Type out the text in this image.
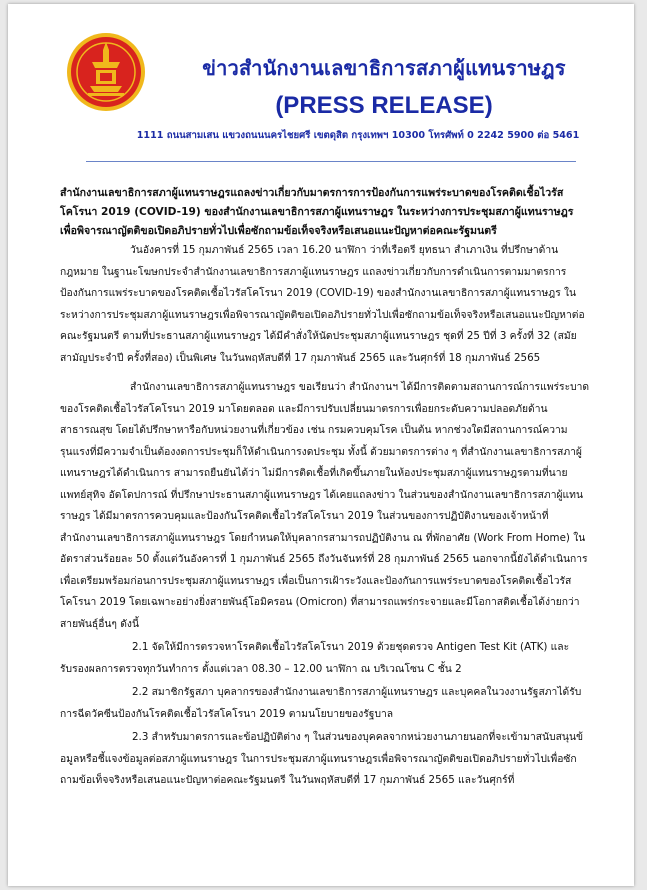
ข่าวสำนักงานเลขาธิการสภาผู้แทนราษฎร
(PRESS RELEASE)
1111 ถนนสามเสน แขวงถนนนครไชยศรี เขตดุสิต กรุงเทพฯ 10300 โทรศัพท์ 0 2242 5900 ต่อ 5461
สำนักงานเลขาธิการสภาผู้แทนราษฎรแถลงข่าวเกี่ยวกับมาตรการการป้องกันการแพร่ระบาดของโรคติดเชื้อไวรัส
โคโรนา 2019 (COVID-19) ของสำนักงานเลขาธิการสภาผู้แทนราษฎร ในระหว่างการประชุมสภาผู้แทนราษฎร
เพื่อพิจารณาญัตติขอเปิดอภิปรายทั่วไปเพื่อซักถามข้อเท็จจริงหรือเสนอแนะปัญหาต่อคณะรัฐมนตรี

วันอังคารที่ 15 กุมภาพันธ์ 2565 เวลา 16.20 นาฬิกา ว่าที่เรือตรี ยุทธนา สำเภาเงิน ที่ปรึกษาด้านกฎหมาย ในฐานะโฆษกประจำสำนักงานเลขาธิการสภาผู้แทนราษฎร แถลงข่าวเกี่ยวกับการดำเนินการตามมาตรการป้องกันการแพร่ระบาดของโรคติดเชื้อไวรัสโคโรนา 2019 (COVID-19) ของสำนักงานเลขาธิการสภาผู้แทนราษฎร ในระหว่างการประชุมสภาผู้แทนราษฎรเพื่อพิจารณาญัตติขอเปิดอภิปรายทั่วไปเพื่อซักถามข้อเท็จจริงหรือเสนอแนะปัญหาต่อคณะรัฐมนตรี ตามที่ประธานสภาผู้แทนราษฎร ได้มีคำสั่งให้นัดประชุมสภาผู้แทนราษฎร ชุดที่ 25 ปีที่ 3 ครั้งที่ 32 (สมัยสามัญประจำปี ครั้งที่สอง) เป็นพิเศษ ในวันพฤหัสบดีที่ 17 กุมภาพันธ์ 2565 และวันศุกร์ที่ 18 กุมภาพันธ์ 2565

สำนักงานเลขาธิการสภาผู้แทนราษฎร ขอเรียนว่า สำนักงานฯ ได้มีการติดตามสถานการณ์การแพร่ระบาดของโรคติดเชื้อไวรัสโคโรนา 2019 มาโดยตลอด และมีการปรับเปลี่ยนมาตรการเพื่อยกระดับความปลอดภัยด้านสาธารณสุข โดยได้ปรึกษาหารือกับหน่วยงานที่เกี่ยวข้อง เช่น กรมควบคุมโรค เป็นต้น หากช่วงใดมีสถานการณ์ความรุนแรงที่มีความจำเป็นต้องงดการประชุมก็ให้ดำเนินการงดประชุม ทั้งนี้ ด้วยมาตรการต่าง ๆ ที่สำนักงานเลขาธิการสภาผู้แทนราษฎรได้ดำเนินการ สามารถยืนยันได้ว่า ไม่มีการติดเชื้อที่เกิดขึ้นภายในห้องประชุมสภาผู้แทนราษฎรตามที่นายแพทย์สุทิจ อัดโดปการณ์ ที่ปรึกษาประธานสภาผู้แทนราษฎร ได้เคยแถลงข่าว ในส่วนของสำนักงานเลขาธิการสภาผู้แทนราษฎร ได้มีมาตรการควบคุมและป้องกันโรคติดเชื้อไวรัสโคโรนา 2019 ในส่วนของการปฏิบัติงานของเจ้าหน้าที่สำนักงานเลขาธิการสภาผู้แทนราษฎร โดยกำหนดให้บุคลากรสามารถปฏิบัติงาน ณ ที่พักอาศัย (Work From Home) ในอัตราส่วนร้อยละ 50 ตั้งแต่วันอังคารที่ 1 กุมภาพันธ์ 2565 ถึงวันจันทร์ที่ 28 กุมภาพันธ์ 2565 นอกจากนี้ยังได้ดำเนินการเพื่อเตรียมพร้อมก่อนการประชุมสภาผู้แทนราษฎร เพื่อเป็นการเฝ้าระวังและป้องกันการแพร่ระบาดของโรคติดเชื้อไวรัสโคโรนา 2019 โดยเฉพาะอย่างยิ่งสายพันธุ์โอมิครอน (Omicron) ที่สามารถแพร่กระจายและมีโอกาสติดเชื้อได้ง่ายกว่าสายพันธุ์อื่นๆ ดังนี้

2.1 จัดให้มีการตรวจหาโรคติดเชื้อไวรัสโคโรนา 2019 ด้วยชุดตรวจ Antigen Test Kit (ATK) และรับรองผลการตรวจทุกวันทำการ ตั้งแต่เวลา 08.30 – 12.00 นาฬิกา ณ บริเวณโซน C ชั้น 2

2.2 สมาชิกรัฐสภา บุคลากรของสำนักงานเลขาธิการสภาผู้แทนราษฎร และบุคคลในวงงานรัฐสภาได้รับการฉีดวัคซีนป้องกันโรคติดเชื้อไวรัสโคโรนา 2019 ตามนโยบายของรัฐบาล

2.3 สำหรับมาตรการและข้อปฏิบัติต่าง ๆ ในส่วนของบุคคลจากหน่วยงานภายนอกที่จะเข้ามาสนับสนุนข้อมูลหรือชี้แจงข้อมูลต่อสภาผู้แทนราษฎร ในการประชุมสภาผู้แทนราษฎรเพื่อพิจารณาญัตติขอเปิดอภิปรายทั่วไปเพื่อซักถามข้อเท็จจริงหรือเสนอแนะปัญหาต่อคณะรัฐมนตรี ในวันพฤหัสบดีที่ 17 กุมภาพันธ์ 2565 และวันศุกร์ที่
